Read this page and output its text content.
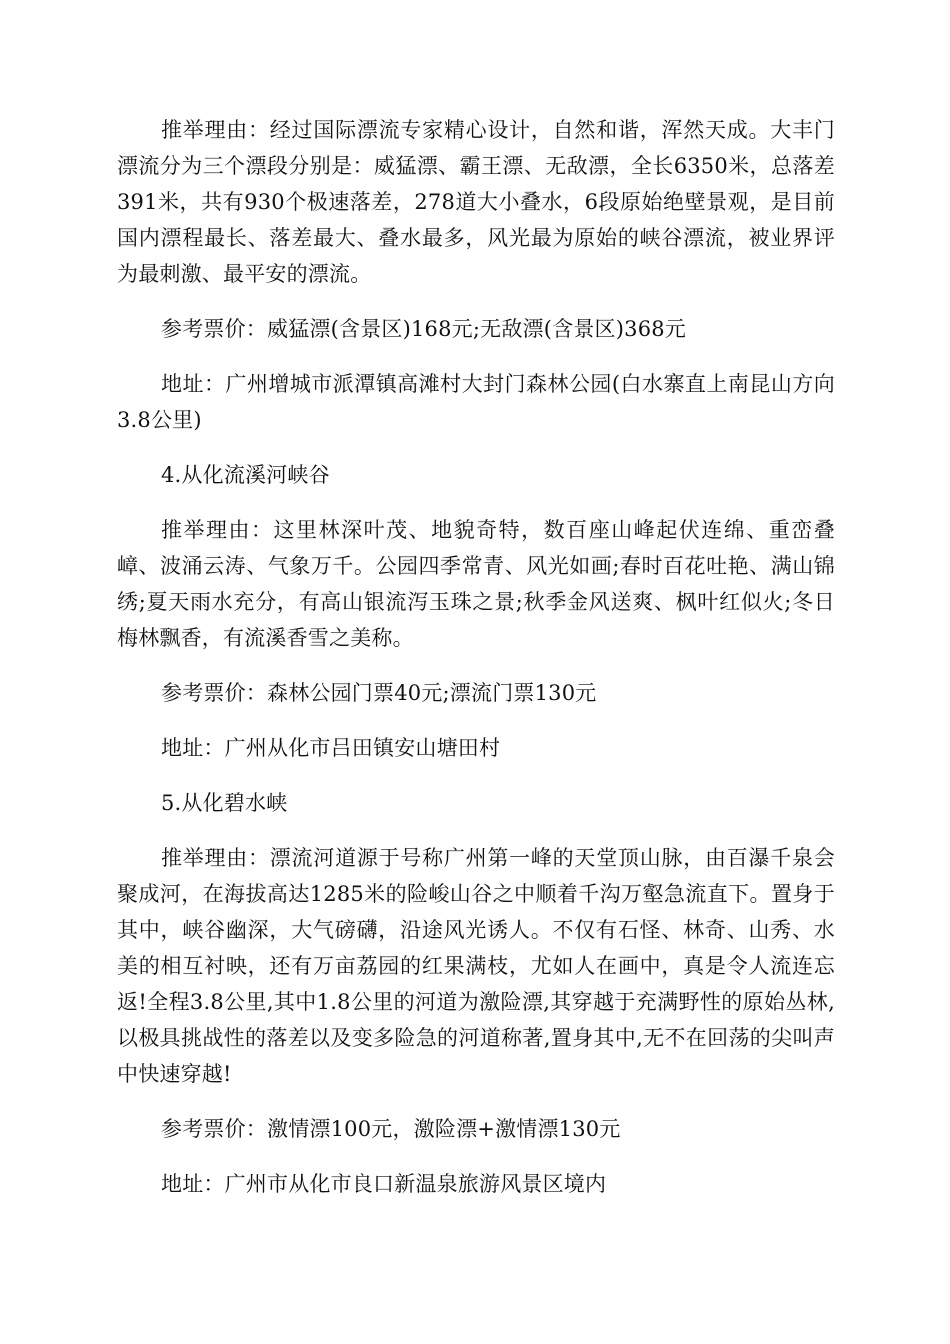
推举理由：经过国际漂流专家精心设计，自然和谐，浑然天成。大丰门漂流分为三个漂段分别是：威猛漂、霸王漂、无敌漂，全长6350米，总落差391米，共有930个极速落差，278道大小叠水，6段原始绝壁景观，是目前国内漂程最长、落差最大、叠水最多，风光最为原始的峡谷漂流，被业界评为最刺激、最平安的漂流。

参考票价：威猛漂(含景区)168元;无敌漂(含景区)368元

地址：广州增城市派潭镇高滩村大封门森林公园(白水寨直上南昆山方向3.8公里)

4.从化流溪河峡谷

推举理由：这里林深叶茂、地貌奇特，数百座山峰起伏连绵、重峦叠嶂、波涌云涛、气象万千。公园四季常青、风光如画;春时百花吐艳、满山锦绣;夏天雨水充分，有高山银流泻玉珠之景;秋季金风送爽、枫叶红似火;冬日梅林飘香，有流溪香雪之美称。

参考票价：森林公园门票40元;漂流门票130元

地址：广州从化市吕田镇安山塘田村

5.从化碧水峡

推举理由：漂流河道源于号称广州第一峰的天堂顶山脉，由百瀑千泉会聚成河，在海拔高达1285米的险峻山谷之中顺着千沟万壑急流直下。置身于其中，峡谷幽深，大气磅礴，沿途风光诱人。不仅有石怪、林奇、山秀、水美的相互衬映，还有万亩荔园的红果满枝，尤如人在画中，真是令人流连忘返!全程3.8公里,其中1.8公里的河道为激险漂,其穿越于充满野性的原始丛林,以极具挑战性的落差以及变多险急的河道称著,置身其中,无不在回荡的尖叫声中快速穿越!

参考票价：激情漂100元，激险漂+激情漂130元

地址：广州市从化市良口新温泉旅游风景区境内
